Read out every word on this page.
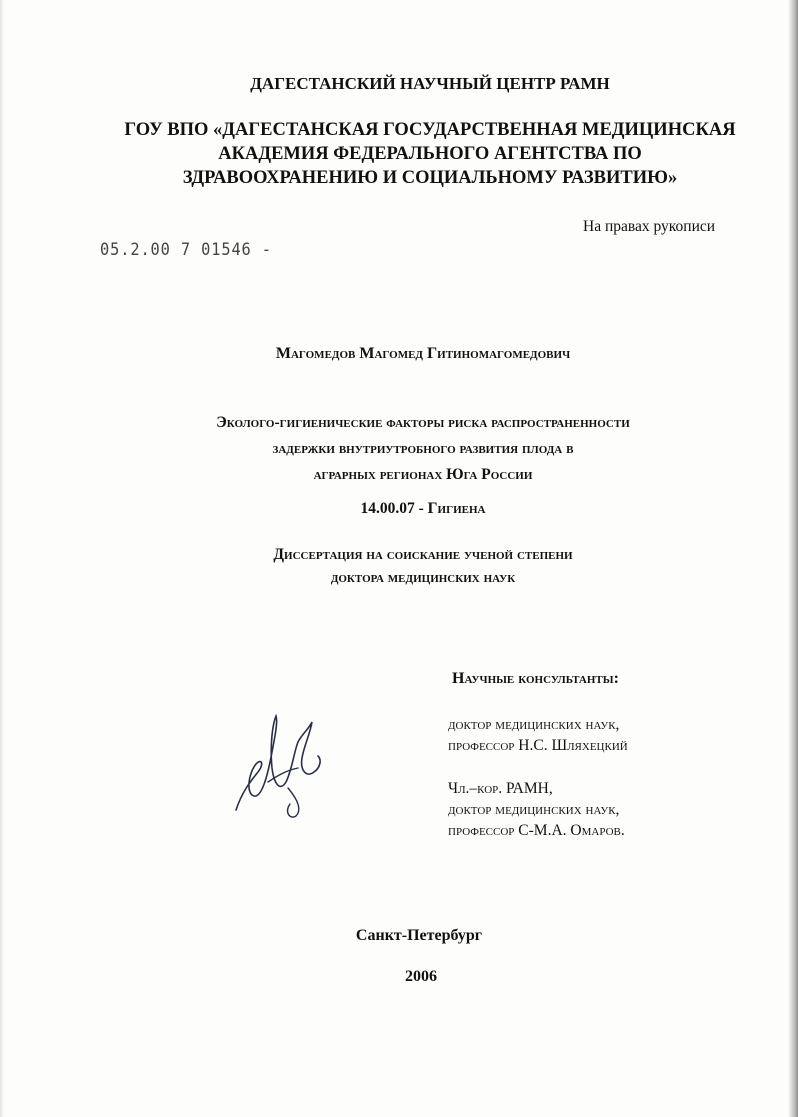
ДАГЕСТАНСКИЙ НАУЧНЫЙ ЦЕНТР РАМН
ГОУ ВПО «ДАГЕСТАНСКАЯ ГОСУДАРСТВЕННАЯ МЕДИЦИНСКАЯ
АКАДЕМИЯ ФЕДЕРАЛЬНОГО АГЕНТСТВА ПО
ЗДРАВООХРАНЕНИЮ И СОЦИАЛЬНОМУ РАЗВИТИЮ»
На правах рукописи
05.2.00 7 01546 -
Магомедов Магомед Гитиномагомедович
Эколого-гигиенические факторы риска распространенности
задержки внутриутробного развития плода в
аграрных регионах Юга России
14.00.07 - Гигиена
Диссертация на соискание ученой степени
доктора медицинских наук
Научные консультанты:
доктор медицинских наук,
профессор Н.С. Шляхецкий
Чл.–кор. РАМН,
доктор медицинских наук,
профессор С-М.А. Омаров.
Санкт-Петербург
2006
